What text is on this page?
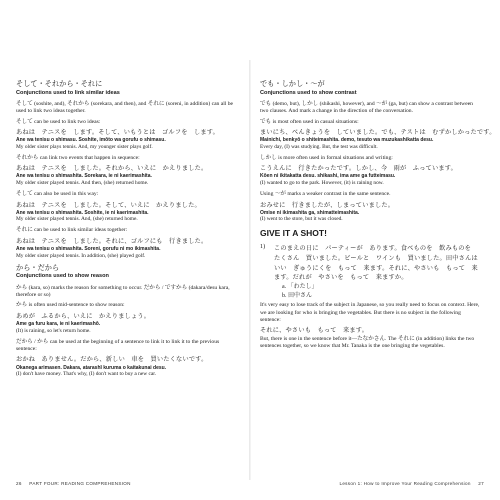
そして・それから・それに

Conjunctions used to link similar ideas

そして (soshite, and), それから (sorekara, and then), and それに (soreni, in addition) can all be used to link two ideas together.

そして can be used to link two ideas:

あねは　テニスを　します。そして、いもうとは　ゴルフを　します。

Ane wa tenisu o shimasu. Soshite, imōto wa gorufu o shimasu.

My older sister plays tennis. And, my younger sister plays golf.

それから can link two events that happen in sequence:

あねは　テニスを　しました。それから、いえに　かえりました。

Ane wa tenisu o shimashita. Sorekara, ie ni kaerimashita.

My older sister played tennis. And then, (she) returned home.

そして can also be used in this way:

あねは　テニスを　しました。そして、いえに　かえりました。

Ane wa tenisu o shimashita. Soshite, ie ni kaerimashita.

My older sister played tennis. And, (she) returned home.

それに can be used to link similar ideas together:

あねは　テニスを　しました。それに、ゴルフにも　行きました。

Ane wa tenisu o shimashita. Soreni, gorufu ni mo ikimashita.

My older sister played tennis. In addition, (she) played golf.

から・だから

Conjunctions used to show reason

から (kara, so) marks the reason for something to occur. だから / ですから (dakara/desu kara, therefore or so)

から is often used mid-sentence to show reason:

あめが　ふるから、いえに　かえりましょう。

Ame ga furu kara, ie ni kaerimashō.

(It) is raining, so let's return home.

だから / から can be used at the beginning of a sentence to link it to link it to the previous sentence:

おかね　ありません。だから、新しい　車を　買いたくないです。

Okanega arimasen. Dakara, atarashī kuruma o kaitakunai desu.

(I) don't have money. That's why, (I) don't want to buy a new car.

でも・しかし・〜が

Conjunctions used to show contrast

でも (demo, but), しかし (shikashi, however), and 〜が (ga, but) can show a contrast between two clauses. And mark a change in the direction of the conversation.

でも is most often used in casual situations:

まいにち、べんきょうを　していました。でも、テストは　むずかしかったです。

Mainichi, benkyō o shiteimashita. demo, tesuto wa muzukashikatta desu.

Every day, (I) was studying. But, the test was difficult.

しかし is more often used in formal situations and writing:

こうえんに　行きたかったです。しかし、今　雨が　ふっています。

Kōen ni ikitakatta desu. shikashi, ima ame ga futteimasu.

(I) wanted to go to the park. However, (it) is raining now.

Using 〜が marks a weaker contrast in the same sentence.

おみせに　行きましたが、しまっていました。

Omise ni ikimashita ga, shimatteimashita.

(I) went to the store, but it was closed.

GIVE IT A SHOT!

1)	このまえの日に　パーティーが　あります。食べものを　飲みものを　たくさん　買いました。ビールと　ワインも　買いました。田中さんは　いい　ぎゅうにくを　もって　来ます。それに、やさいも　もって　来ます。だれが　やさいを　もって　来ますか。

a. 「わたし」

b. 田中さん

It's very easy to lose track of the subject in Japanese, so you really need to focus on context. Here, we are looking for who is bringing the vegetables. But there is no subject in the following sentence:

それに、やさいも　もって　来ます。

But, there is one in the sentence before it—たなかさん. The それに (in addition) links the two sentences together, so we know that Mr. Tanaka is the one bringing the vegetables.

26 PART FOUR: READING COMPREHENSION	Lesson 1: How to Improve Your Reading Comprehension 27
